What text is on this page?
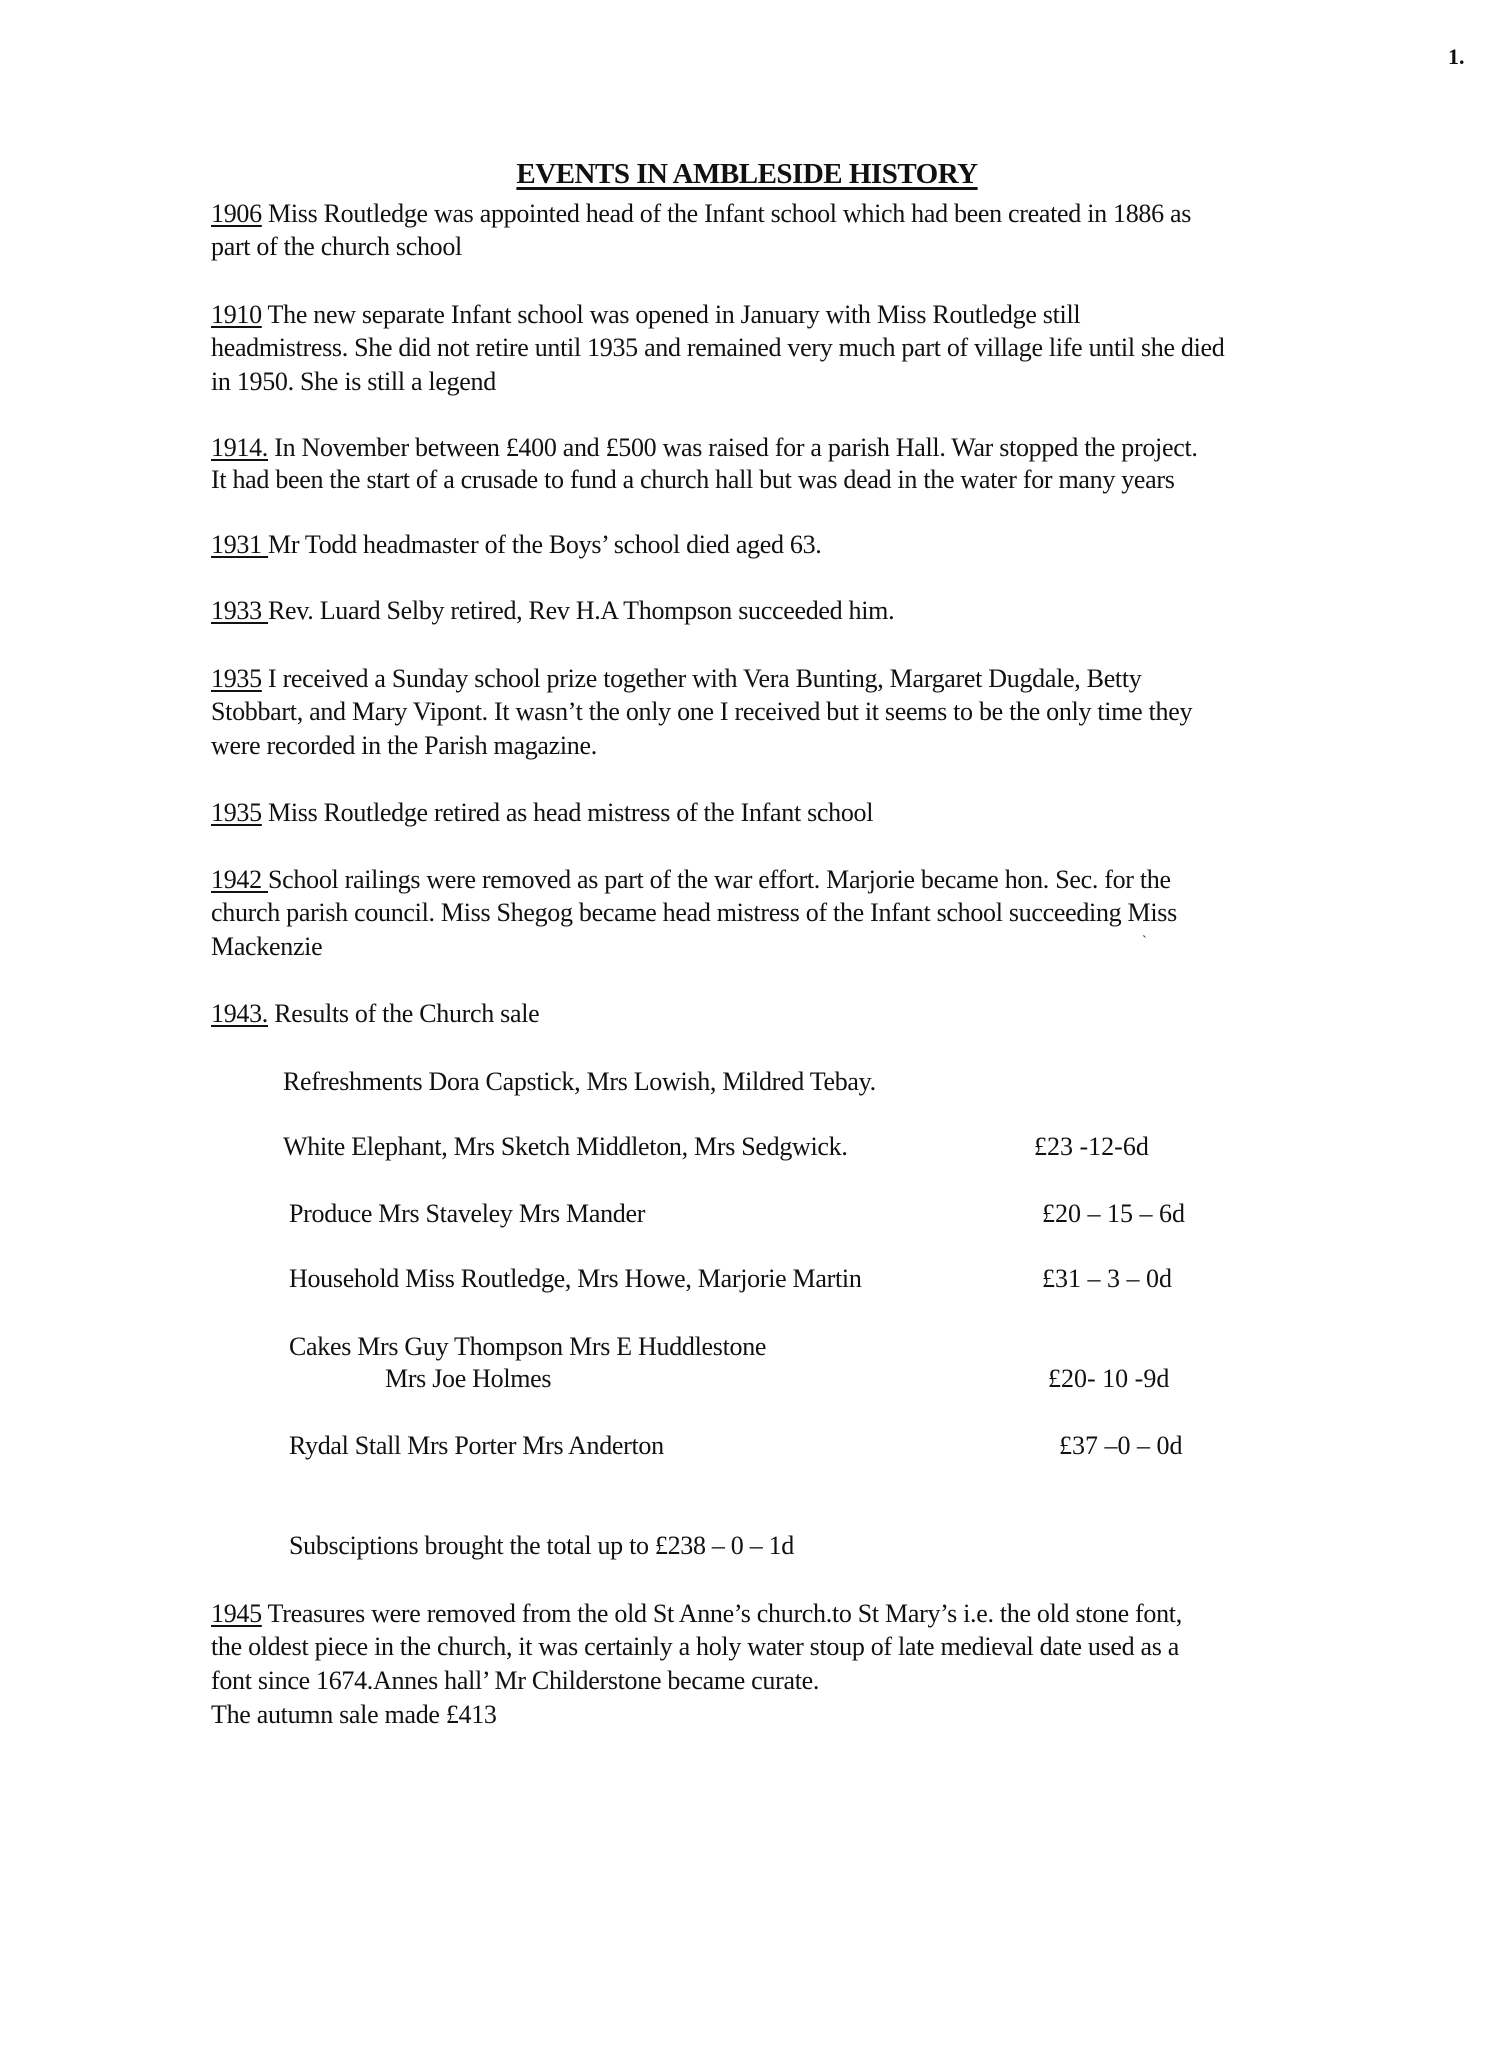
1.
EVENTS IN AMBLESIDE HISTORY
1906 Miss Routledge was appointed head of the Infant school which had been created in 1886 as
part of the church school
1910 The new separate Infant school was opened in January with Miss Routledge still
headmistress. She did not retire until 1935 and remained very much part of village life until she died
in 1950. She is still a legend
1914. In November between £400 and £500 was raised for a parish Hall. War stopped the project.
It had been the start of a crusade to fund a church hall but was dead in the water for many years
1931 Mr Todd headmaster of the Boys’ school died aged 63.
1933 Rev. Luard Selby retired, Rev H.A Thompson succeeded him.
1935 I received a Sunday school prize together with Vera Bunting, Margaret Dugdale, Betty
Stobbart, and Mary Vipont. It wasn’t the only one I received but it seems to be the only time they
were recorded in the Parish magazine.
1935 Miss Routledge retired as head mistress of the Infant school
1942 School railings were removed as part of the war effort. Marjorie became hon. Sec. for the
church parish council. Miss Shegog became head mistress of the Infant school succeeding Miss
Mackenzie	`
1943. Results of the Church sale
Refreshments Dora Capstick, Mrs Lowish, Mildred Tebay.
White Elephant, Mrs Sketch Middleton, Mrs Sedgwick.	£23 -12-6d
Produce Mrs Staveley Mrs Mander	£20 – 15 – 6d
Household Miss Routledge, Mrs Howe, Marjorie Martin	£31 – 3 – 0d
Cakes Mrs Guy Thompson Mrs E Huddlestone
Mrs Joe Holmes	£20- 10 -9d
Rydal Stall Mrs Porter Mrs Anderton	£37 –0 – 0d
Subsciptions brought the total up to £238 – 0 – 1d
1945 Treasures were removed from the old St Anne’s church.to St Mary’s i.e. the old stone font,
the oldest piece in the church, it was certainly a holy water stoup of late medieval date used as a
font since 1674.Annes hall’ Mr Childerstone became curate.
The autumn sale made £413
